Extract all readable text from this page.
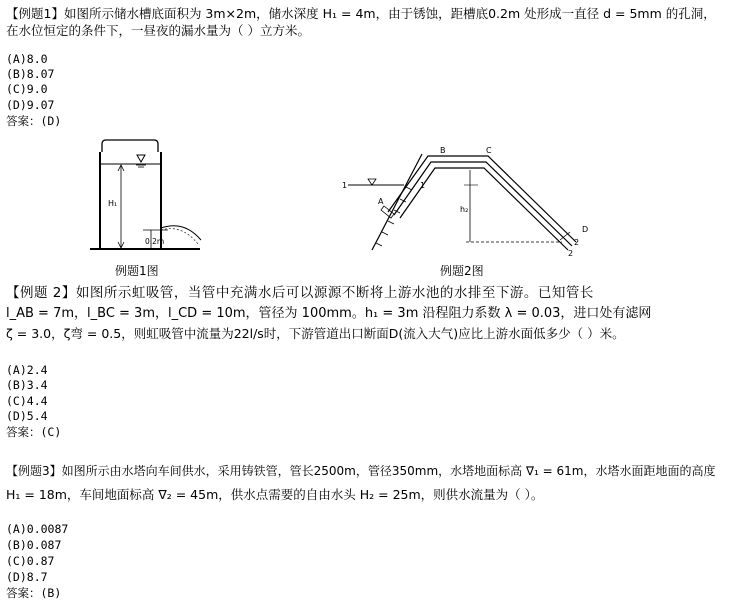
【例题1】如图所示储水槽底面积为 3m×2m，储水深度 H₁ = 4m，由于锈蚀，距槽底0.2m 处形成一直径 d = 5mm 的孔洞，
在水位恒定的条件下，一昼夜的漏水量为（ ）立方米。
(A)8.0
(B)8.07
(C)9.0
(D)9.07
答案：(D)
H₁
0.2m
例题1图
1	1
A
B	C
D
2
2
h₂
例题2图
【例题 2】如图所示虹吸管，当管中充满水后可以源源不断将上游水池的水排至下游。已知管长
l_AB = 7m，l_BC = 3m，l_CD = 10m，管径为 100mm。h₁ = 3m 沿程阻力系数 λ = 0.03，进口处有滤网
ζ = 3.0，ζ弯 = 0.5，则虹吸管中流量为22l/s时，下游管道出口断面D(流入大气)应比上游水面低多少（ ）米。
(A)2.4
(B)3.4
(C)4.4
(D)5.4
答案：(C)
【例题3】如图所示由水塔向车间供水，采用铸铁管，管长2500m，管径350mm，水塔地面标高 ∇₁ = 61m，水塔水面距地面的高度
H₁ = 18m，车间地面标高 ∇₂ = 45m，供水点需要的自由水头 H₂ = 25m，则供水流量为（ ）。
(A)0.0087
(B)0.087
(C)0.87
(D)8.7
答案：(B)
